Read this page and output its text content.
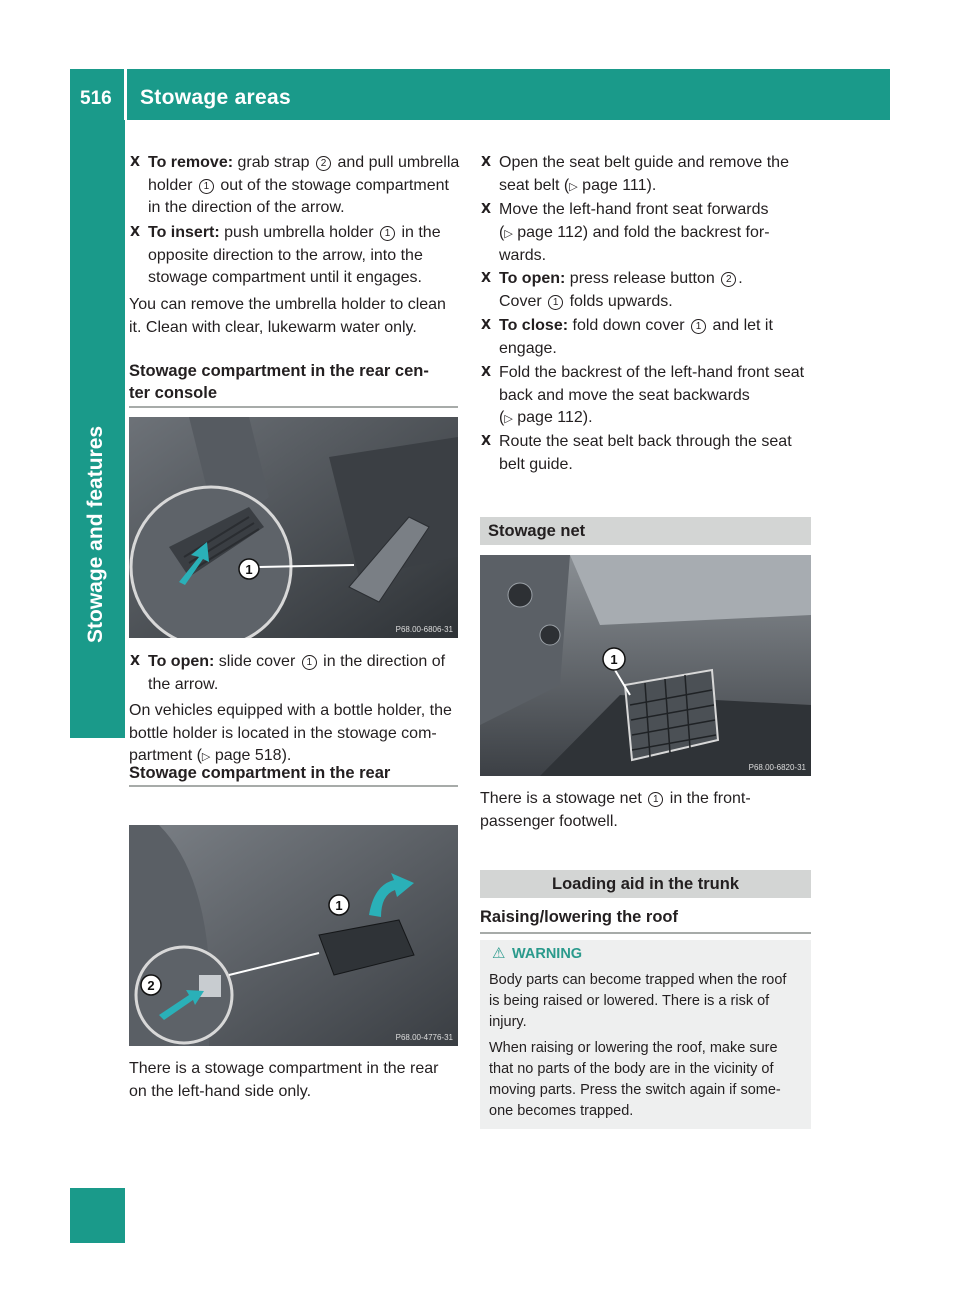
516 Stowage areas
Stowage and features
X To remove: grab strap 2 and pull umbrella
holder 1 out of the stowage compartment
in the direction of the arrow.
X To insert: push umbrella holder 1 in the
opposite direction to the arrow, into the
stowage compartment until it engages.
You can remove the umbrella holder to clean
it. Clean with clear, lukewarm water only.
Stowage compartment in the rear cen-
ter console
1
P68.00-6806-31
X To open: slide cover 1 in the direction of
the arrow.
On vehicles equipped with a bottle holder, the
bottle holder is located in the stowage com-
partment (▷ page 518).
Stowage compartment in the rear
1
2
P68.00-4776-31
There is a stowage compartment in the rear
on the left-hand side only.
X Open the seat belt guide and remove the
seat belt (▷ page 111).
X Move the left-hand front seat forwards
(▷ page 112) and fold the backrest for-
wards.
X To open: press release button 2 .
Cover 1 folds upwards.
X To close: fold down cover 1 and let it
engage.
X Fold the backrest of the left-hand front seat
back and move the seat backwards
(▷ page 112).
X Route the seat belt back through the seat
belt guide.
Stowage net
1
P68.00-6820-31
There is a stowage net 1 in the front-
passenger footwell.
Loading aid in the trunk
Raising/lowering the roof
⚠ WARNING
Body parts can become trapped when the roof
is being raised or lowered. There is a risk of
injury.
When raising or lowering the roof, make sure
that no parts of the body are in the vicinity of
moving parts. Press the switch again if some-
one becomes trapped.
